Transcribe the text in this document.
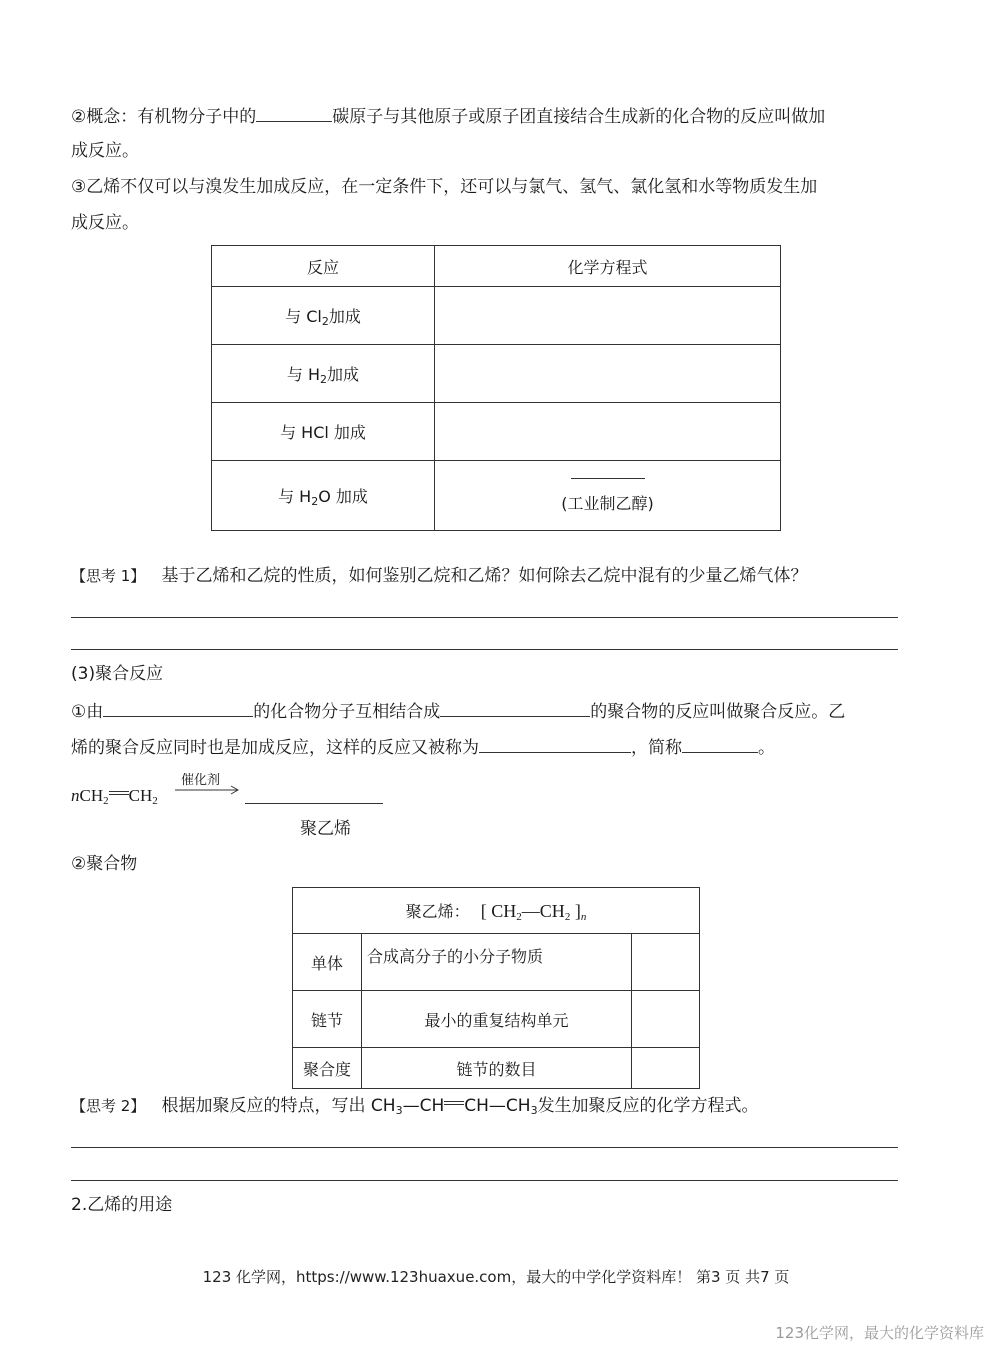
②概念：有机物分子中的	碳原子与其他原子或原子团直接结合生成新的化合物的反应叫做加
成反应。
③乙烯不仅可以与溴发生加成反应，在一定条件下，还可以与氯气、氢气、氯化氢和水等物质发生加
成反应。
反应	化学方程式
与 $Cl_2$加成	
与 $H_2$加成	
与 HCl 加成	
与 $H_2O$ 加成	(工业制乙醇)
【思考 1】 基于乙烯和乙烷的性质，如何鉴别乙烷和乙烯？如何除去乙烷中混有的少量乙烯气体？
(3)聚合反应
①由	的化合物分子互相结合成	的聚合物的反应叫做聚合反应。乙
烯的聚合反应同时也是加成反应，这样的反应又被称为	，简称	。
nCH$_2$ $CH_2$
催化剂
聚乙烯
②聚合物
聚乙烯： [ $CH_2—CH_2$ ]$_n$
单体	合成高分子的小分子物质	
链节	最小的重复结构单元	
聚合度	链节的数目	
【思考 2】 根据加聚反应的特点，写出 $CH_3—CH$ $CH—CH_3$发生加聚反应的化学方程式。
2.乙烯的用途
123 化学网，https://www.123huaxue.com，最大的中学化学资料库！ 第3 页 共7 页
123化学网，最大的化学资料库
